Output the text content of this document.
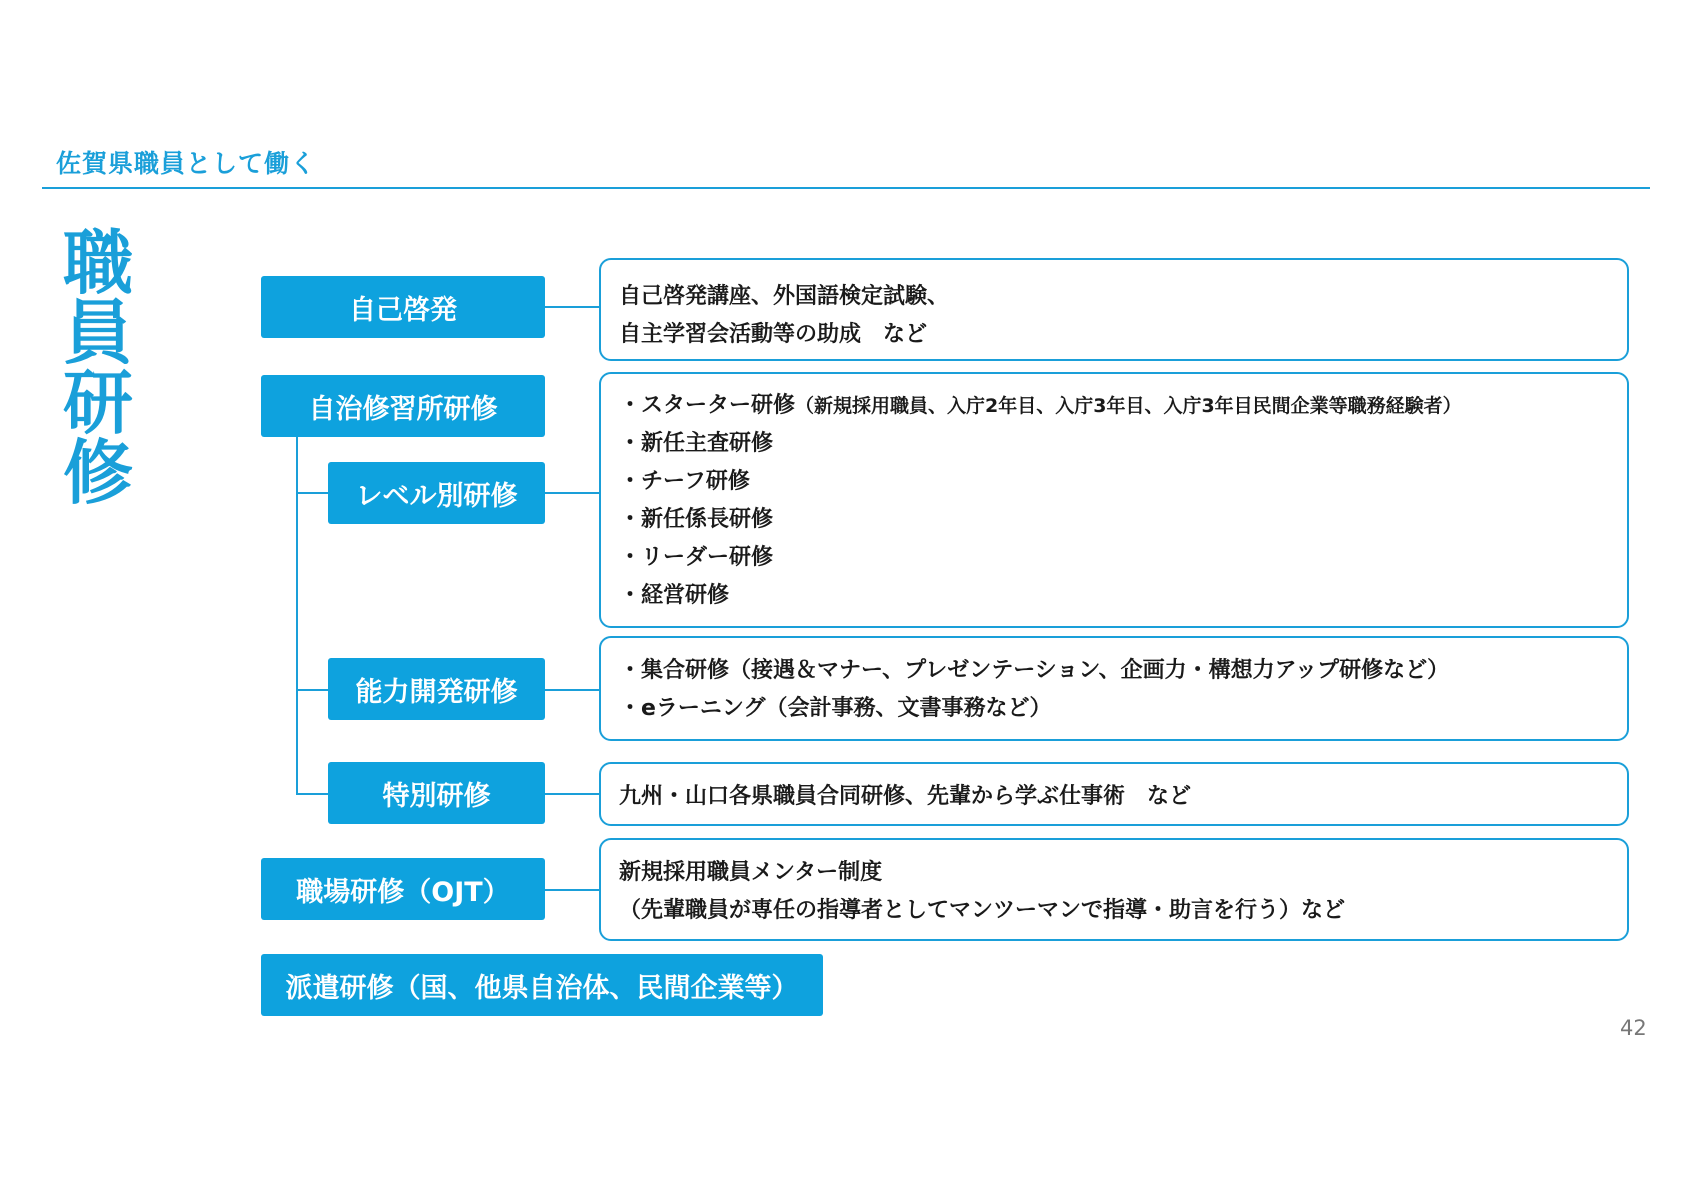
佐賀県職員として働く
職
員
研
修
自己啓発
自治修習所研修
レベル別研修
能力開発研修
特別研修
職場研修（OJT）
派遣研修（国、他県自治体、民間企業等）
自己啓発講座、外国語検定試験、
自主学習会活動等の助成　など
・スターター研修（新規採用職員、入庁2年目、入庁3年目、入庁3年目民間企業等職務経験者）
・新任主査研修
・チーフ研修
・新任係長研修
・リーダー研修
・経営研修
・集合研修（接遇＆マナー、プレゼンテーション、企画力・構想力アップ研修など）
・eラーニング（会計事務、文書事務など）
九州・山口各県職員合同研修、先輩から学ぶ仕事術　など
新規採用職員メンター制度
（先輩職員が専任の指導者としてマンツーマンで指導・助言を行う）など
42
